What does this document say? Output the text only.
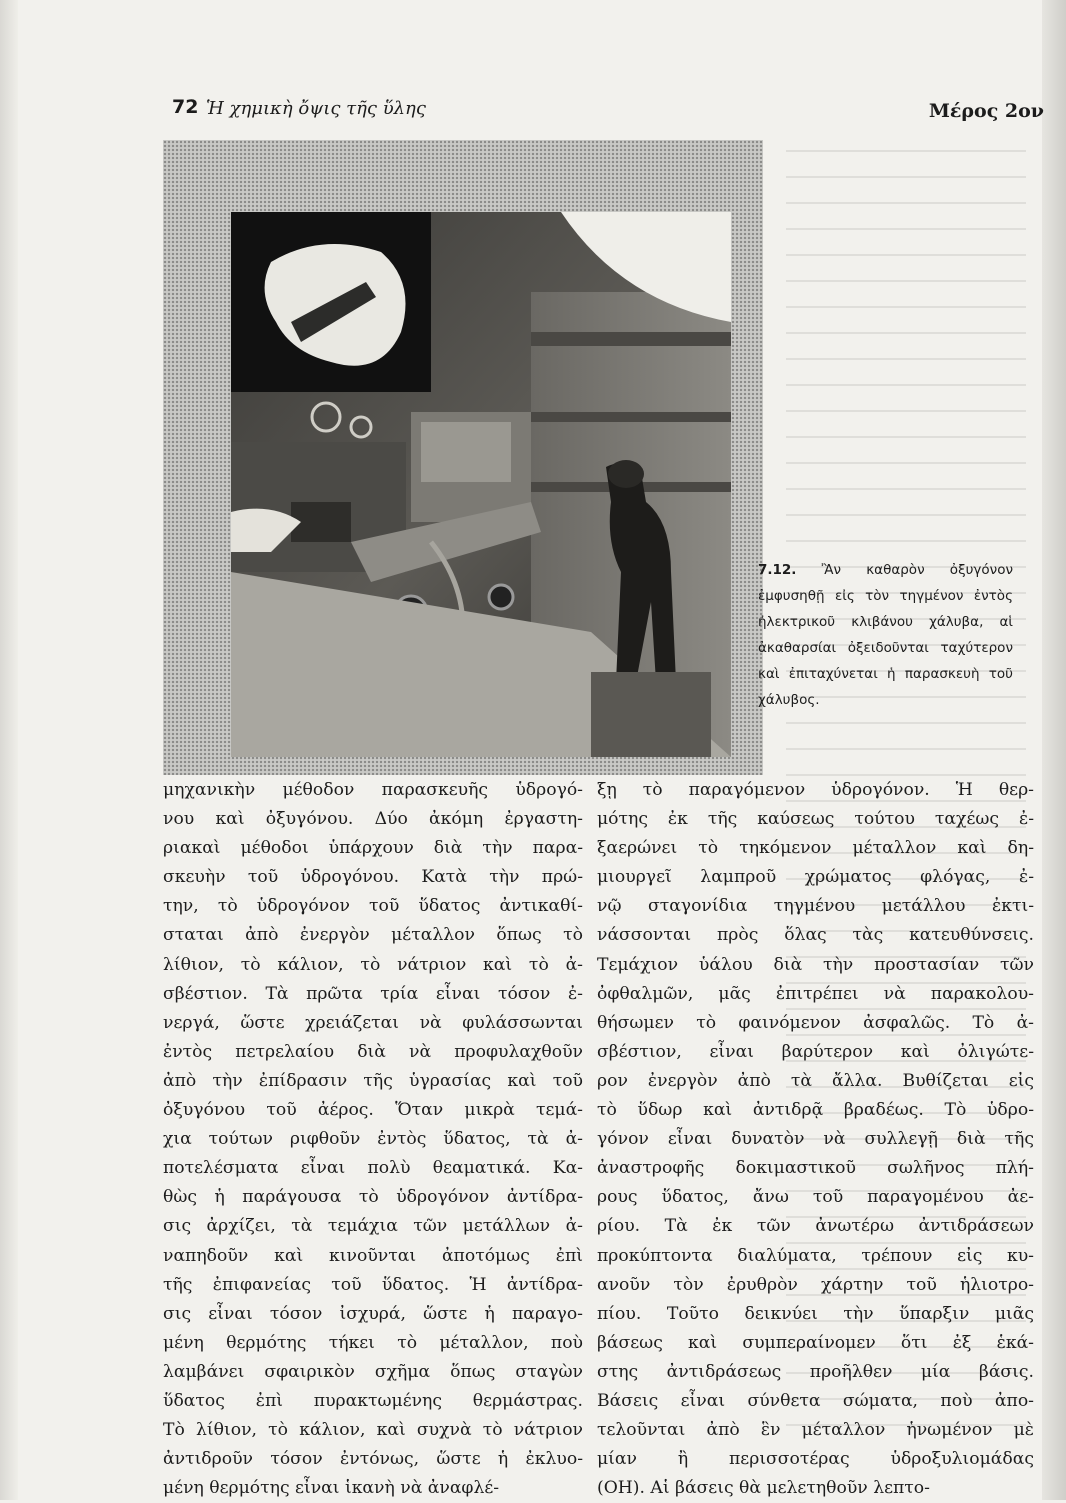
72 Ἡ χημικὴ ὄψις τῆς ὕλης	Μέρος 2ον
7.12. Ἂν καθαρὸν ὀξυγόνον ἐμφυσηθῇ εἰς τὸν τηγμένον ἐντὸς ἠλεκτρικοῦ κλιβάνου χάλυβα, αἱ ἀκαθαρσίαι ὀξειδοῦνται ταχύτερον καὶ ἐπιταχύνεται ἡ παρασκευὴ τοῦ χάλυβος.
μηχανικὴν μέθοδον παρασκευῆς ὑδρογό-
νου καὶ ὀξυγόνου. Δύο ἀκόμη ἐργαστη-
ριακαὶ μέθοδοι ὑπάρχουν διὰ τὴν παρα-
σκευὴν τοῦ ὑδρογόνου. Κατὰ τὴν πρώ-
την, τὸ ὑδρογόνον τοῦ ὕδατος ἀντικαθί-
σταται ἀπὸ ἐνεργὸν μέταλλον ὅπως τὸ
λίθιον, τὸ κάλιον, τὸ νάτριον καὶ τὸ ἀ-
σβέστιον. Τὰ πρῶτα τρία εἶναι τόσον ἐ-
νεργά, ὥστε χρειάζεται νὰ φυλάσσωνται
ἐντὸς πετρελαίου διὰ νὰ προφυλαχθοῦν
ἀπὸ τὴν ἐπίδρασιν τῆς ὑγρασίας καὶ τοῦ
ὀξυγόνου τοῦ ἀέρος. Ὅταν μικρὰ τεμά-
χια τούτων ριφθοῦν ἐντὸς ὕδατος, τὰ ἀ-
ποτελέσματα εἶναι πολὺ θεαματικά. Κα-
θὼς ἡ παράγουσα τὸ ὑδρογόνον ἀντίδρα-
σις ἀρχίζει, τὰ τεμάχια τῶν μετάλλων ἀ-
ναπηδοῦν καὶ κινοῦνται ἀποτόμως ἐπὶ
τῆς ἐπιφανείας τοῦ ὕδατος. Ἡ ἀντίδρα-
σις εἶναι τόσον ἰσχυρά, ὥστε ἡ παραγο-
μένη θερμότης τήκει τὸ μέταλλον, ποὺ
λαμβάνει σφαιρικὸν σχῆμα ὅπως σταγὼν
ὕδατος ἐπὶ πυρακτωμένης θερμάστρας.
Τὸ λίθιον, τὸ κάλιον, καὶ συχνὰ τὸ νάτριον
ἀντιδροῦν τόσον ἐντόνως, ὥστε ἡ ἐκλυο-
μένη θερμότης εἶναι ἱκανὴ νὰ ἀναφλέ-
ξῃ τὸ παραγόμενον ὑδρογόνον. Ἡ θερ-
μότης ἐκ τῆς καύσεως τούτου ταχέως ἐ-
ξαερώνει τὸ τηκόμενον μέταλλον καὶ δη-
μιουργεῖ λαμπροῦ χρώματος φλόγας, ἐ-
νῷ σταγονίδια τηγμένου μετάλλου ἐκτι-
νάσσονται πρὸς ὅλας τὰς κατευθύνσεις.
Τεμάχιον ὑάλου διὰ τὴν προστασίαν τῶν
ὀφθαλμῶν, μᾶς ἐπιτρέπει νὰ παρακολου-
θήσωμεν τὸ φαινόμενον ἀσφαλῶς. Τὸ ἀ-
σβέστιον, εἶναι βαρύτερον καὶ ὀλιγώτε-
ρον ἐνεργὸν ἀπὸ τὰ ἄλλα. Βυθίζεται εἰς
τὸ ὕδωρ καὶ ἀντιδρᾷ βραδέως. Τὸ ὑδρο-
γόνον εἶναι δυνατὸν νὰ συλλεγῇ διὰ τῆς
ἀναστροφῆς δοκιμαστικοῦ σωλῆνος πλή-
ρους ὕδατος, ἄνω τοῦ παραγομένου ἀε-
ρίου. Τὰ ἐκ τῶν ἀνωτέρω ἀντιδράσεων
προκύπτοντα διαλύματα, τρέπουν εἰς κυ-
ανοῦν τὸν ἐρυθρὸν χάρτην τοῦ ἡλιοτρο-
πίου. Τοῦτο δεικνύει τὴν ὕπαρξιν μιᾶς
βάσεως καὶ συμπεραίνομεν ὅτι ἐξ ἑκά-
στης ἀντιδράσεως προῆλθεν μία βάσις.
Βάσεις εἶναι σύνθετα σώματα, ποὺ ἀπο-
τελοῦνται ἀπὸ ἓν μέταλλον ἡνωμένον μὲ
μίαν ἢ περισσοτέρας ὑδροξυλιομάδας
(ΟΗ). Αἱ βάσεις θὰ μελετηθοῦν λεπτο-
